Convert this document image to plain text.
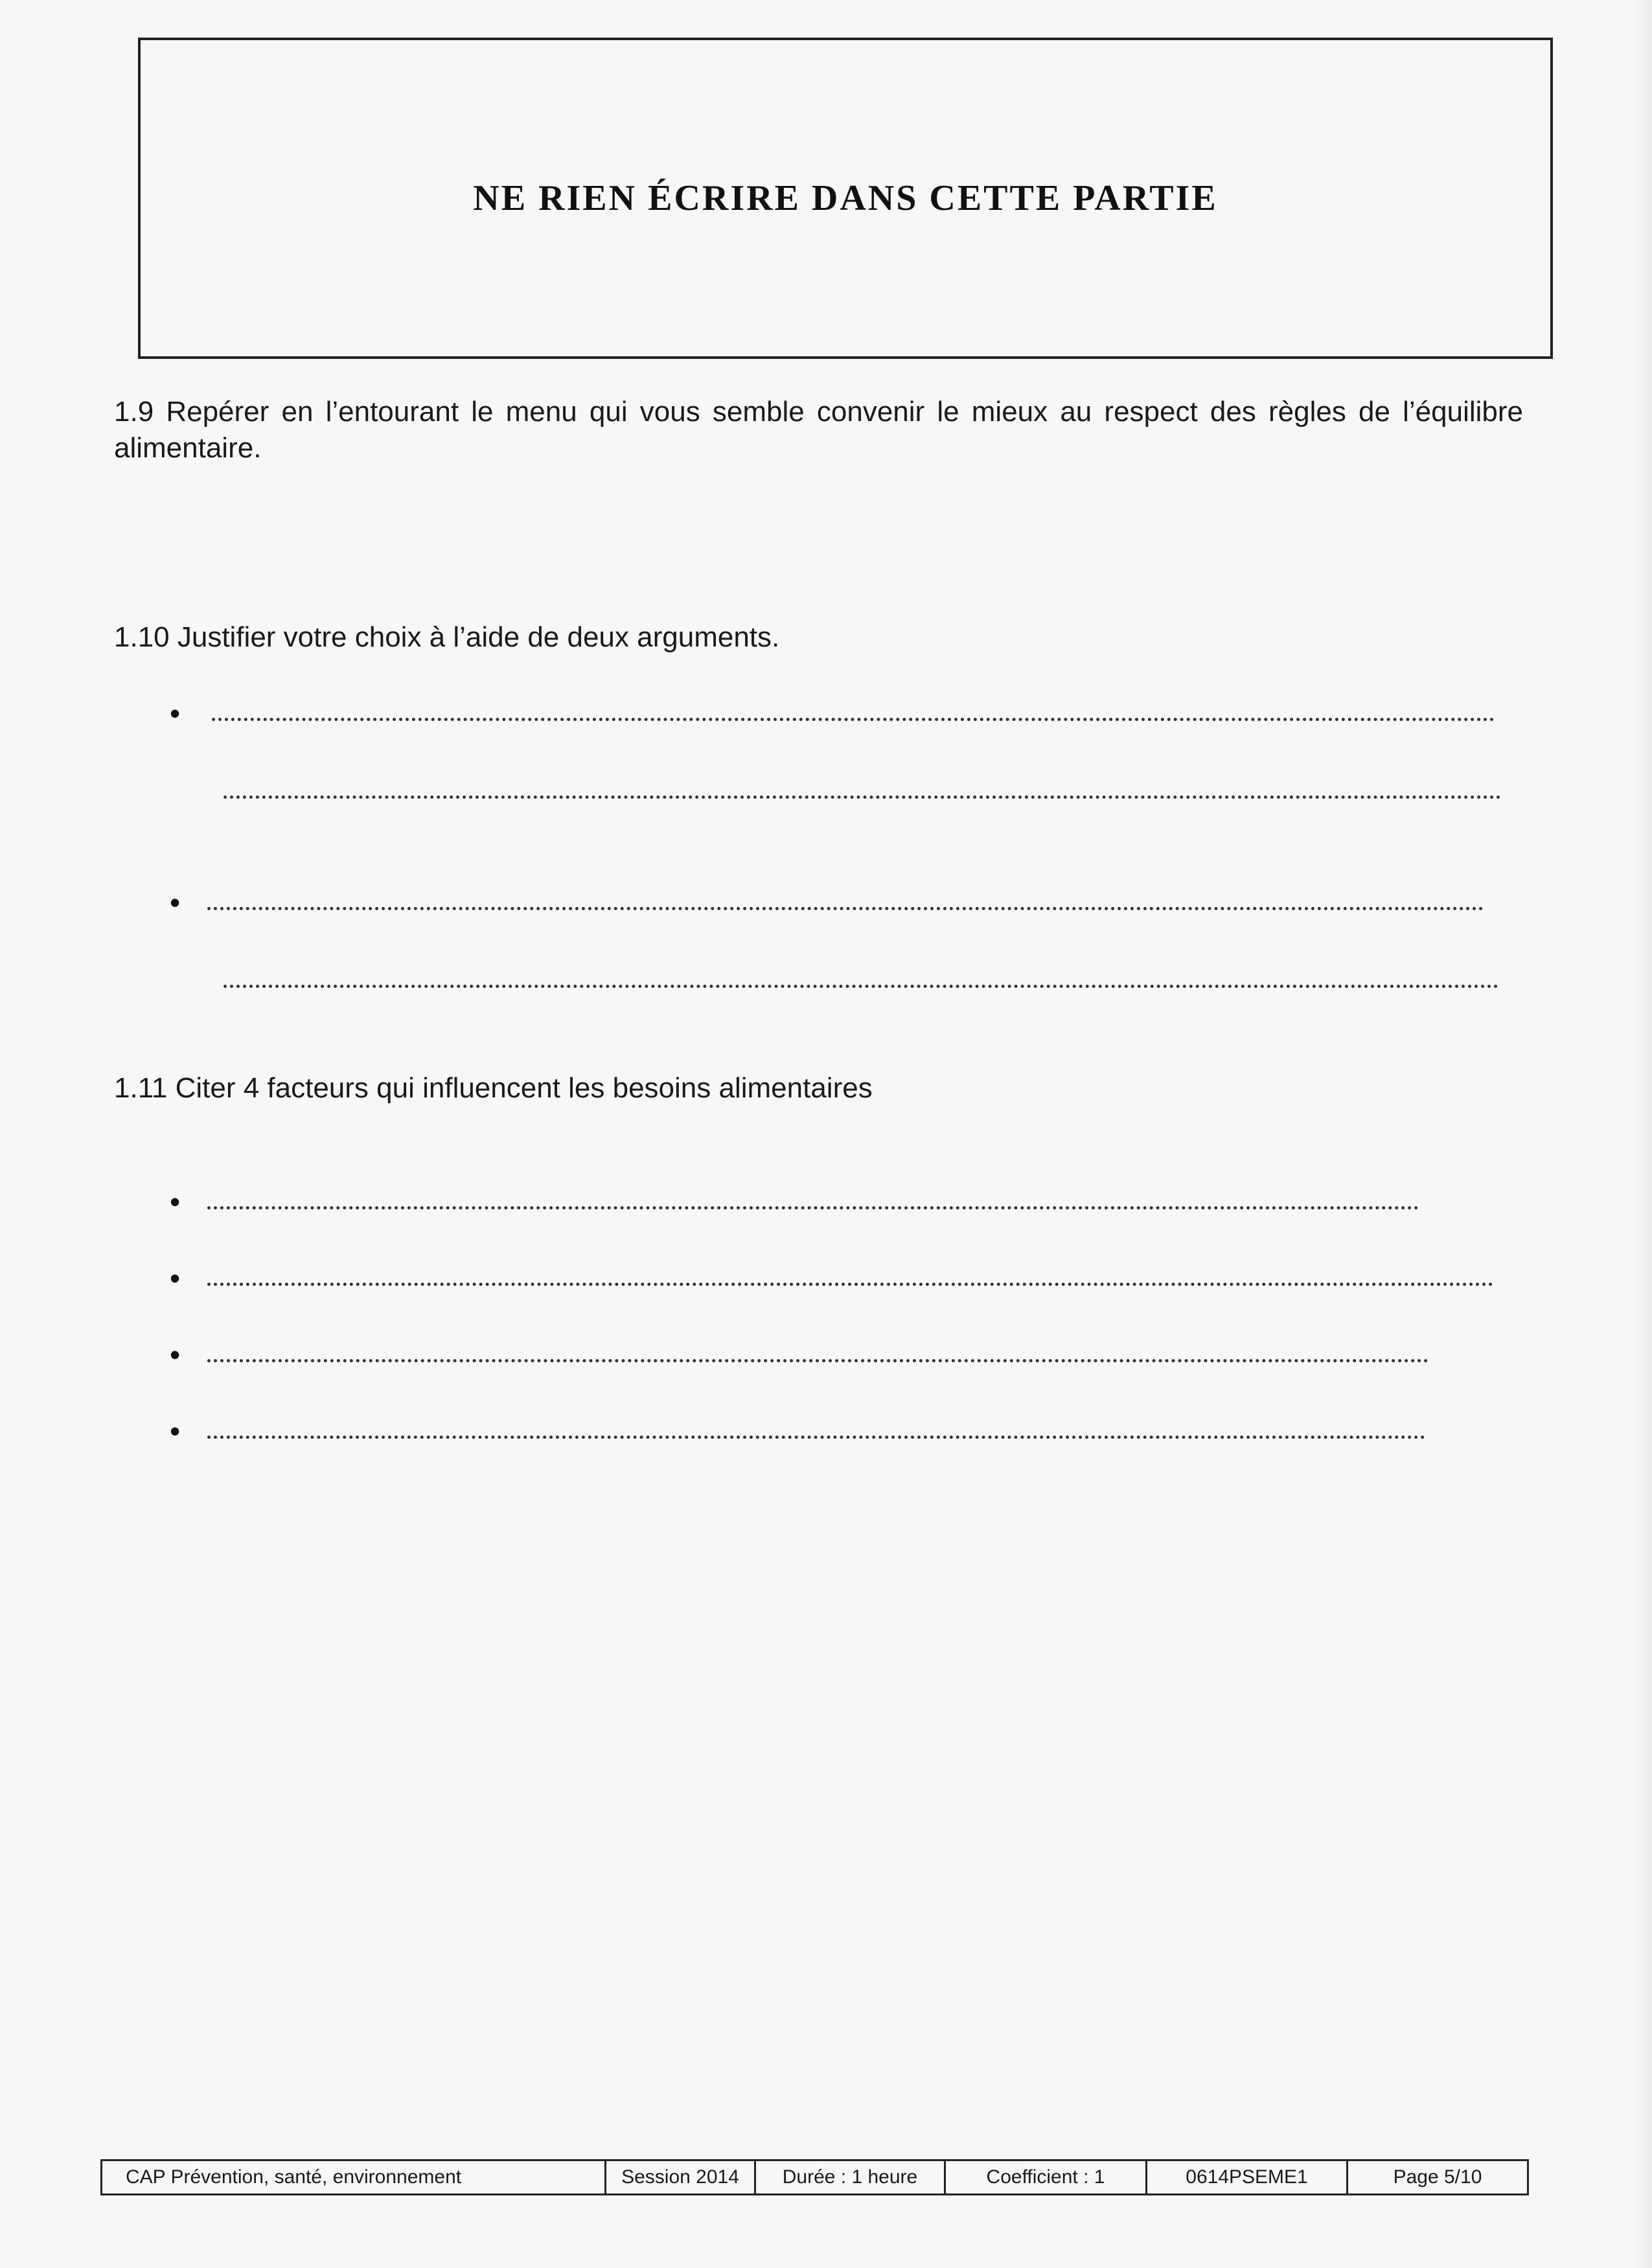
NE RIEN ÉCRIRE DANS CETTE PARTIE
1.9 Repérer en l’entourant le menu qui vous semble convenir le mieux au respect des règles de l’équilibre alimentaire.
1.10 Justifier votre choix à l’aide de deux arguments.
•
•
1.11 Citer 4 facteurs qui influencent les besoins alimentaires
•
•
•
•
CAP Prévention, santé, environnement	Session 2014	Durée : 1 heure	Coefficient : 1	0614PSEME1	Page 5/10
